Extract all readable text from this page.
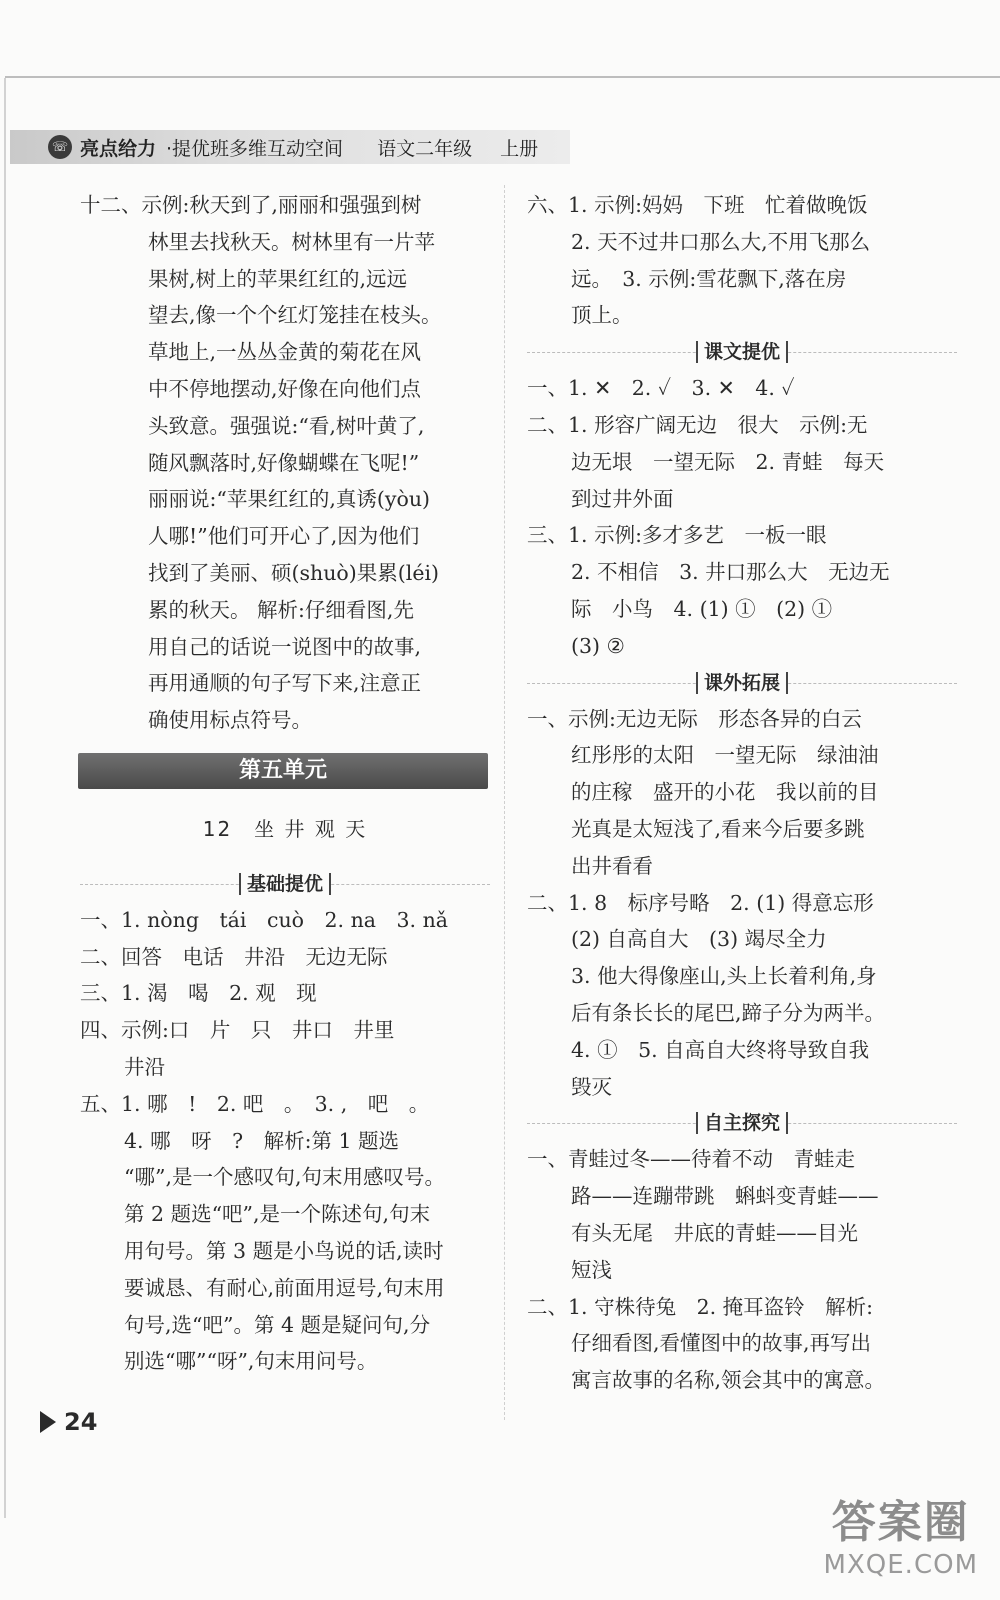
☏ 亮点给力 ·提优班多维互动空间 语文二年级 上册
十二、示例:秋天到了,丽丽和强强到树
林里去找秋天。树林里有一片苹
果树,树上的苹果红红的,远远
望去,像一个个红灯笼挂在枝头。
草地上,一丛丛金黄的菊花在风
中不停地摆动,好像在向他们点
头致意。强强说:“看,树叶黄了,
随风飘落时,好像蝴蝶在飞呢!”
丽丽说:“苹果红红的,真诱(yòu)
人哪!”他们可开心了,因为他们
找到了美丽、硕(shuò)果累(léi)
累的秋天。 解析:仔细看图,先
用自己的话说一说图中的故事,
再用通顺的句子写下来,注意正
确使用标点符号。
第五单元
12　坐 井 观 天
基础提优
一、1. nòng　tái　cuò　2. na　3. nǎ
二、回答　电话　井沿　无边无际
三、1. 渴　喝　2. 观　现
四、示例:口　片　只　井口　井里
井沿
五、1. 哪　!　2. 吧　。　3. ,　吧　。
4. 哪　呀　?　解析:第 1 题选
“哪”,是一个感叹句,句末用感叹号。
第 2 题选“吧”,是一个陈述句,句末
用句号。第 3 题是小鸟说的话,读时
要诚恳、有耐心,前面用逗号,句末用
句号,选“吧”。第 4 题是疑问句,分
别选“哪”“呀”,句末用问号。
六、1. 示例:妈妈　下班　忙着做晚饭
2. 天不过井口那么大,不用飞那么
远。　3. 示例:雪花飘下,落在房
顶上。
课文提优
一、1. ✕　2. ✓　3. ✕　4. ✓
二、1. 形容广阔无边　很大　示例:无
边无垠　一望无际　2. 青蛙　每天
到过井外面
三、1. 示例:多才多艺　一板一眼
2. 不相信　3. 井口那么大　无边无
际　小鸟　4. (1) ①　(2) ①
(3) ②
课外拓展
一、示例:无边无际　形态各异的白云
红彤彤的太阳　一望无际　绿油油
的庄稼　盛开的小花　我以前的目
光真是太短浅了,看来今后要多跳
出井看看
二、1. 8　标序号略　2. (1) 得意忘形
(2) 自高自大　(3) 竭尽全力
3. 他大得像座山,头上长着利角,身
后有条长长的尾巴,蹄子分为两半。
4. ①　5. 自高自大终将导致自我
毁灭
自主探究
一、青蛙过冬——待着不动　青蛙走
路——连蹦带跳　蝌蚪变青蛙——
有头无尾　井底的青蛙——目光
短浅
二、1. 守株待兔　2. 掩耳盗铃　解析:
仔细看图,看懂图中的故事,再写出
寓言故事的名称,领会其中的寓意。
24
答案圈
MXQE.COM
